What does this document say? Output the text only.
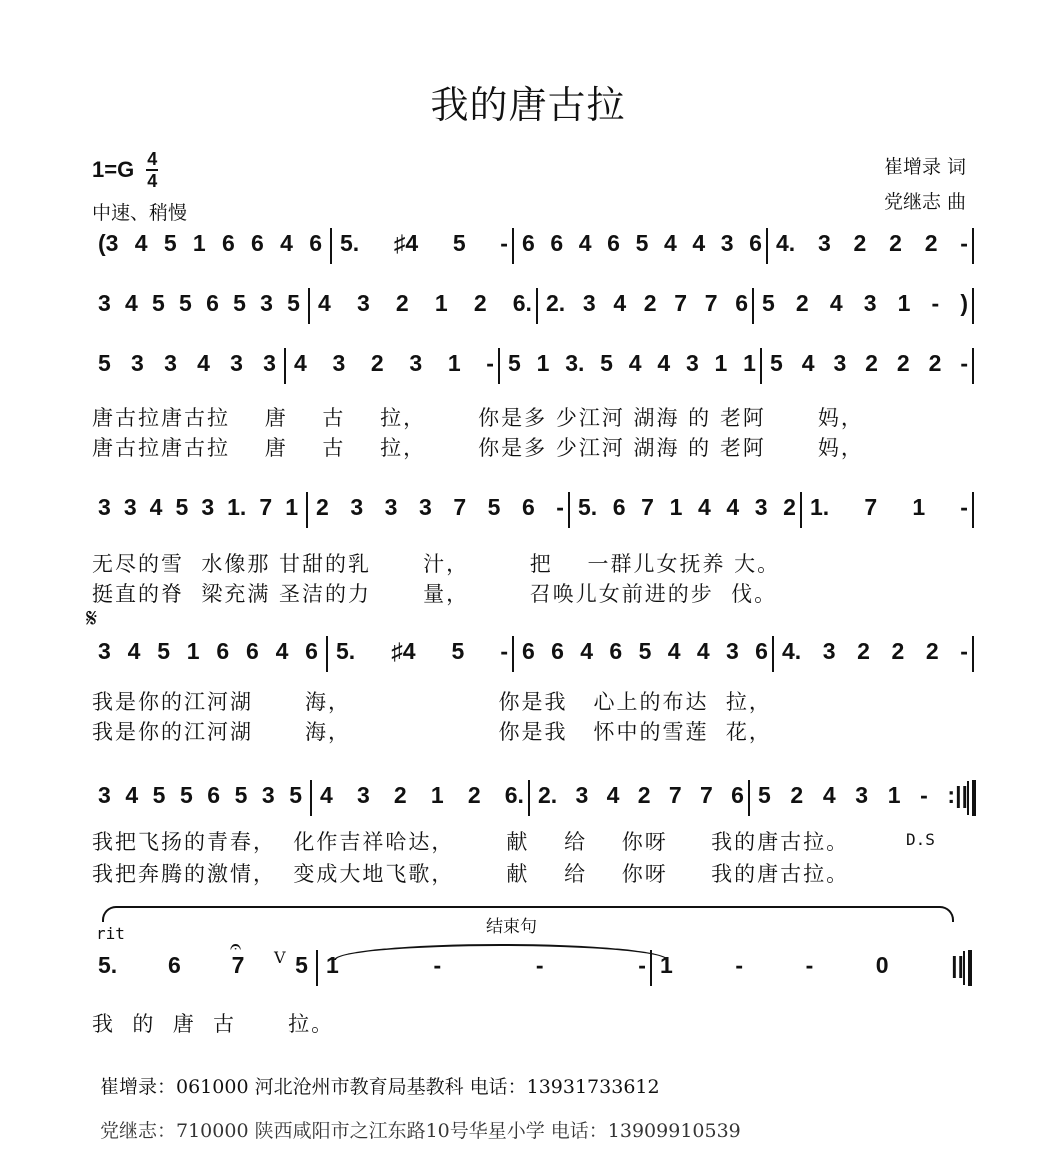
我的唐古拉
$1=G \frac{4}{4}$
中速、稍慢
崔增录 词
党继志 曲
(3 4 5 1 6 6 4 6 5. ♯4 5 - 6 6 4 6 5 4 4 3 6 4. 3 2 2 2 -
3 4 5 5 6 5 3 5 4 3 2 1 2 6. 2. 3 4 2 7 7 6 5 2 4 3 1 - )
5 3 3 4 3 3 4 3 2 3 1 - 5 1 3. 5 4 4 3 1 1 5 4 3 2 2 2 -
唐古拉唐古拉    唐    古    拉，      你是多 少江河 湖海 的 老阿      妈，
唐古拉唐古拉    唐    古    拉，      你是多 少江河 湖海 的 老阿      妈，
3 3 4 5 3 1. 7 1 2 3 3 3 7 5 6 - 5. 6 7 1 4 4 3 2 1. 7 1 -
无尽的雪  水像那 甘甜的乳      汁，       把    一群儿女抚养 大。
挺直的脊  梁充满 圣洁的力      量，       召唤儿女前进的步  伐。
3 4 5 1 6 6 4 6 5. ♯4 5 - 6 6 4 6 5 4 4 3 6 4. 3 2 2 2 -
我是你的江河湖      海，                 你是我   心上的布达  拉，
我是你的江河湖      海，                 你是我   怀中的雪莲  花，
𝄋
3 4 5 5 6 5 3 5 4 3 2 1 2 6. 2. 3 4 2 7 7 6 5 2 4 3 1 - :||
我把飞扬的青春，  化作吉祥哈达，      献    给    你呀     我的唐古拉。
我把奔腾的激情，  变成大地飞歌，      献    给    你呀     我的唐古拉。
D.S
5. 6 7 5 1	-	-	- 1	-	-	0	||
我  的  唐  古      拉。
rit	结束句
𝄐 V
崔增录：061000 河北沧州市教育局基教科 电话：13931733612
党继志：710000 陕西咸阳市之江东路10号华星小学 电话：13909910539
